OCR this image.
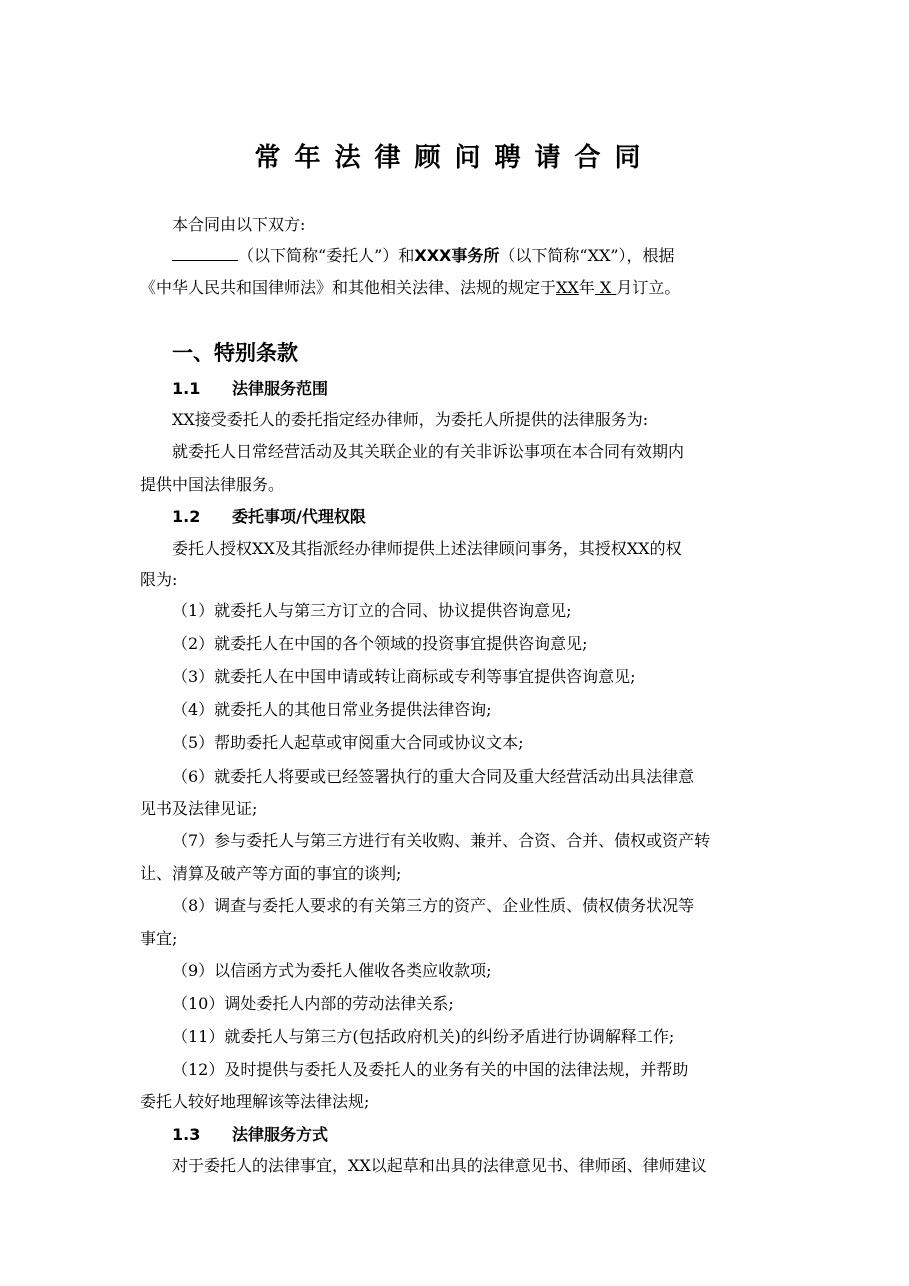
常年法律顾问聘请合同
本合同由以下双方:
（以下简称“委托人”）和XXX事务所（以下简称“XX”），根据
《中华人民共和国律师法》和其他相关法律、法规的规定于XX年 X 月订立。
一、特别条款
1.1 法律服务范围
XX接受委托人的委托指定经办律师，为委托人所提供的法律服务为:
就委托人日常经营活动及其关联企业的有关非诉讼事项在本合同有效期内
提供中国法律服务。
1.2 委托事项/代理权限
委托人授权XX及其指派经办律师提供上述法律顾问事务，其授权XX的权
限为:
（1）就委托人与第三方订立的合同、协议提供咨询意见;
（2）就委托人在中国的各个领域的投资事宜提供咨询意见;
（3）就委托人在中国申请或转让商标或专利等事宜提供咨询意见;
（4）就委托人的其他日常业务提供法律咨询;
（5）帮助委托人起草或审阅重大合同或协议文本;
（6）就委托人将要或已经签署执行的重大合同及重大经营活动出具法律意
见书及法律见证;
（7）参与委托人与第三方进行有关收购、兼并、合资、合并、债权或资产转
让、清算及破产等方面的事宜的谈判;
（8）调查与委托人要求的有关第三方的资产、企业性质、债权债务状况等
事宜;
（9）以信函方式为委托人催收各类应收款项;
（10）调处委托人内部的劳动法律关系;
（11）就委托人与第三方(包括政府机关)的纠纷矛盾进行协调解释工作;
（12）及时提供与委托人及委托人的业务有关的中国的法律法规，并帮助
委托人较好地理解该等法律法规;
1.3 法律服务方式
对于委托人的法律事宜，XX以起草和出具的法律意见书、律师函、律师建议
